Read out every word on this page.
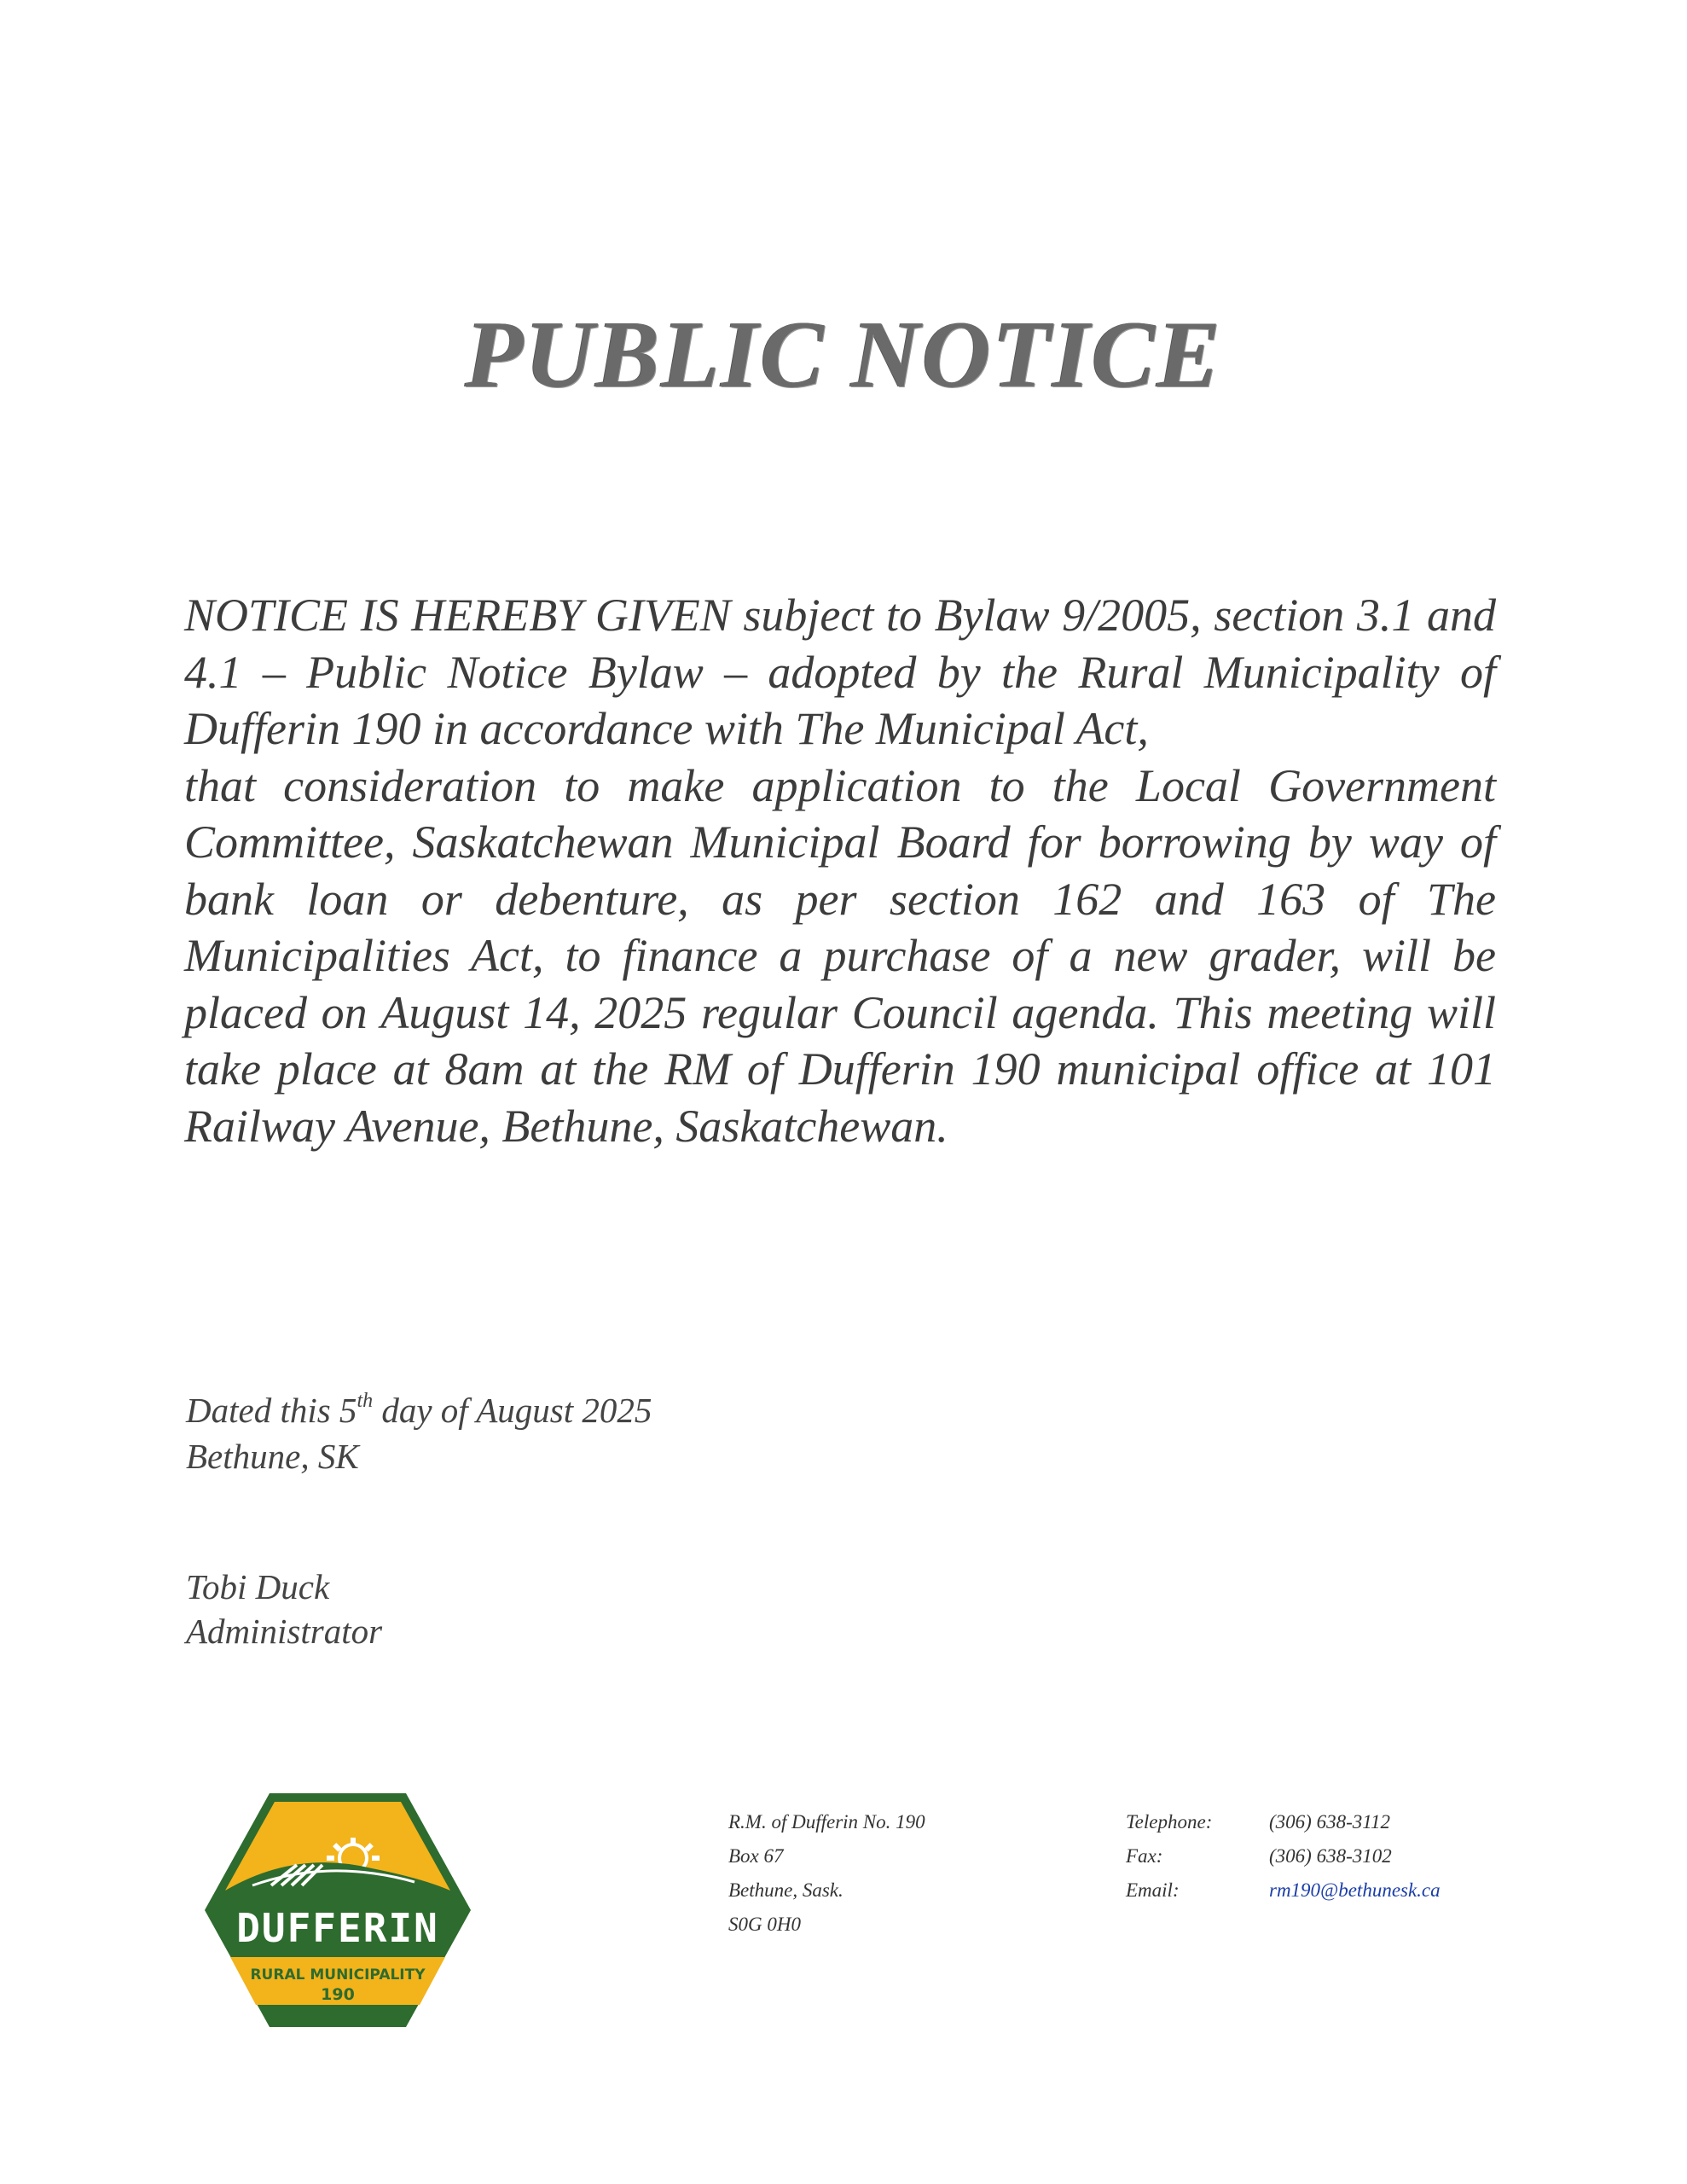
PUBLIC NOTICE

NOTICE IS HEREBY GIVEN subject to Bylaw 9/2005, section 3.1 and 4.1 – Public Notice Bylaw – adopted by the Rural Municipality of Dufferin 190 in accordance with The Municipal Act,

that consideration to make application to the Local Government Committee, Saskatchewan Municipal Board for borrowing by way of bank loan or debenture, as per section 162 and 163 of The Municipalities Act, to finance a purchase of a new grader, will be placed on August 14, 2025 regular Council agenda. This meeting will take place at 8am at the RM of Dufferin 190 municipal office at 101 Railway Avenue, Bethune, Saskatchewan.

Dated this 5th day of August 2025
Bethune, SK
Tobi Duck
Administrator
DUFFERIN
RURAL MUNICIPALITY
190
R.M. of Dufferin No. 190
Box 67
Bethune, Sask.
S0G 0H0
Telephone:	(306) 638-3112
Fax:	(306) 638-3102
Email:	rm190@bethunesk.ca
